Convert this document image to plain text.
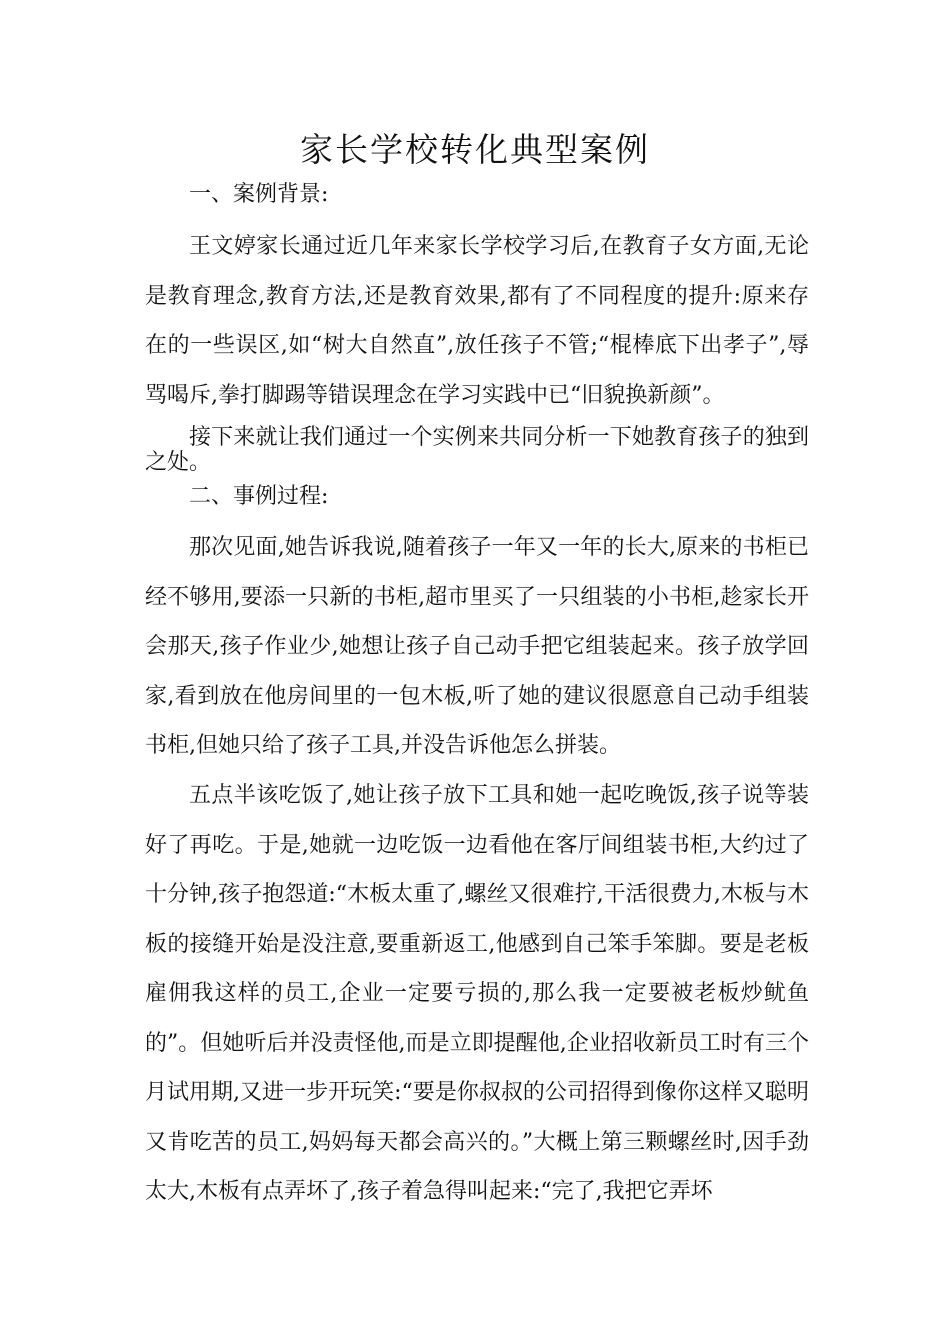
家长学校转化典型案例

一、案例背景:

王文婷家长通过近几年来家长学校学习后,在教育子女方面,无论是教育理念,教育方法,还是教育效果,都有了不同程度的提升:原来存在的一些误区,如“树大自然直”,放任孩子不管;“棍棒底下出孝子”,辱骂喝斥,拳打脚踢等错误理念在学习实践中已“旧貌换新颜”。

接下来就让我们通过一个实例来共同分析一下她教育孩子的独到之处。

二、事例过程:

那次见面,她告诉我说,随着孩子一年又一年的长大,原来的书柜已经不够用,要添一只新的书柜,超市里买了一只组装的小书柜,趁家长开会那天,孩子作业少,她想让孩子自己动手把它组装起来。孩子放学回家,看到放在他房间里的一包木板,听了她的建议很愿意自己动手组装书柜,但她只给了孩子工具,并没告诉他怎么拼装。

五点半该吃饭了,她让孩子放下工具和她一起吃晚饭,孩子说等装好了再吃。于是,她就一边吃饭一边看他在客厅间组装书柜,大约过了十分钟,孩子抱怨道:“木板太重了,螺丝又很难拧,干活很费力,木板与木板的接缝开始是没注意,要重新返工,他感到自己笨手笨脚。要是老板雇佣我这样的员工,企业一定要亏损的,那么我一定要被老板炒鱿鱼的”。但她听后并没责怪他,而是立即提醒他,企业招收新员工时有三个月试用期,又进一步开玩笑:“要是你叔叔的公司招得到像你这样又聪明又肯吃苦的员工,妈妈每天都会高兴的。”大概上第三颗螺丝时,因手劲太大,木板有点弄坏了,孩子着急得叫起来:“完了,我把它弄坏
